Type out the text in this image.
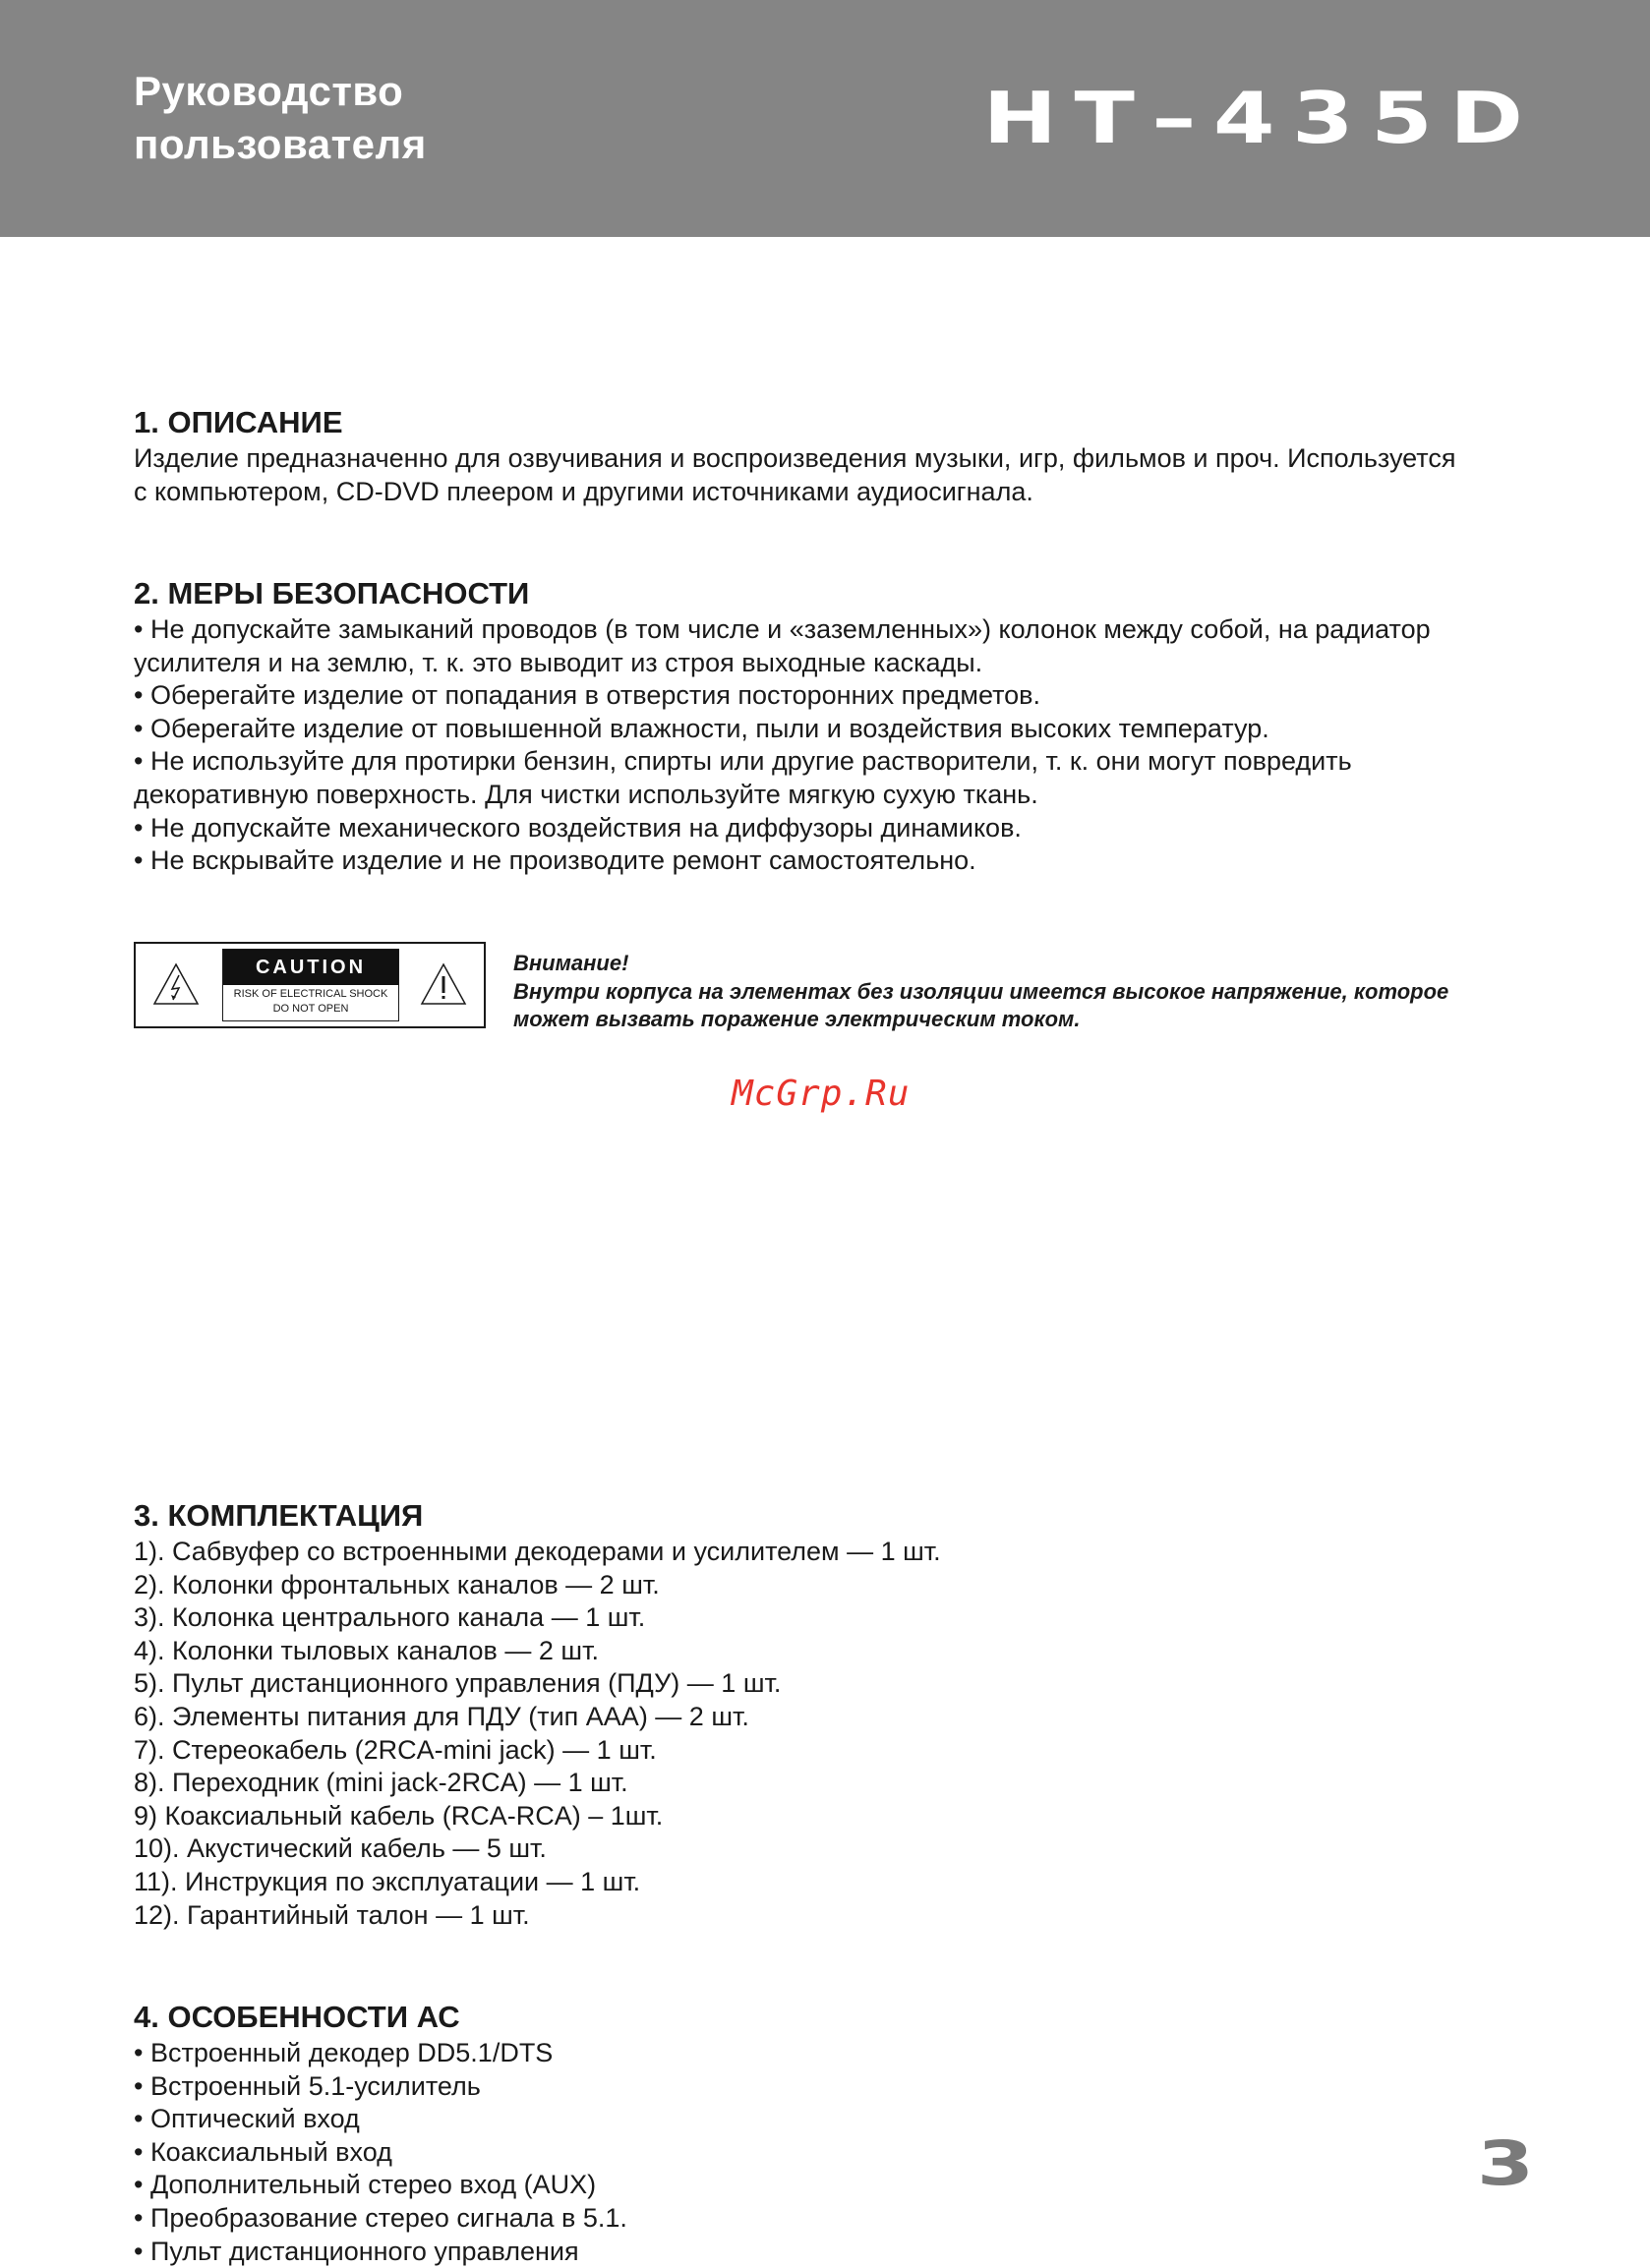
Руководство
пользователя	HT–435D
1. ОПИСАНИЕ

Изделие предназначенно для озвучивания и воспроизведения музыки, игр, фильмов и проч. Используется

с компьютером, CD-DVD плеером и другими источниками аудиосигнала.

2. МЕРЫ БЕЗОПАСНОСТИ

• Не допускайте замыканий проводов (в том числе и «заземленных») колонок между собой, на радиатор

усилителя и на землю, т. к. это выводит из строя выходные каскады.

• Оберегайте изделие от попадания в отверстия посторонних предметов.

• Оберегайте изделие от повышенной влажности, пыли и воздействия высоких температур.

• Не используйте для протирки бензин, спирты или другие растворители, т. к. они могут повредить

декоративную поверхность. Для чистки используйте мягкую сухую ткань.

• Не допускайте механического воздействия на диффузоры динамиков.

• Не вскрывайте изделие и не производите ремонт самостоятельно.

CAUTION
RISK OF ELECTRICAL SHOCK
DO NOT OPEN
Внимание!
Внутри корпуса на элементах без изоляции имеется высокое напряжение, которое
может вызвать поражение электрическим током.
3. КОМПЛЕКТАЦИЯ

1). Сабвуфер со встроенными декодерами и усилителем — 1 шт.

2). Колонки фронтальных каналов — 2 шт.

3). Колонка центрального канала — 1 шт.

4). Колонки тыловых каналов — 2 шт.

5). Пульт дистанционного управления (ПДУ) — 1 шт.

6). Элементы питания для ПДУ (тип ААА) — 2 шт.

7). Стереокабель (2RCA-mini jack) — 1 шт.

8). Переходник (mini jack-2RCA) — 1 шт.

9) Коаксиальный кабель (RCA-RCA) – 1шт.

10). Акустический кабель — 5 шт.

11). Инструкция по эксплуатации — 1 шт.

12). Гарантийный талон — 1 шт.

4. ОСОБЕННОСТИ АС

• Встроенный декодер DD5.1/DTS

• Встроенный 5.1-усилитель

• Оптический вход

• Коаксиальный вход

• Дополнительный стерео вход (AUX)

• Преобразование стерео сигнала в 5.1.

• Пульт дистанционного управления

McGrp.Ru
3
